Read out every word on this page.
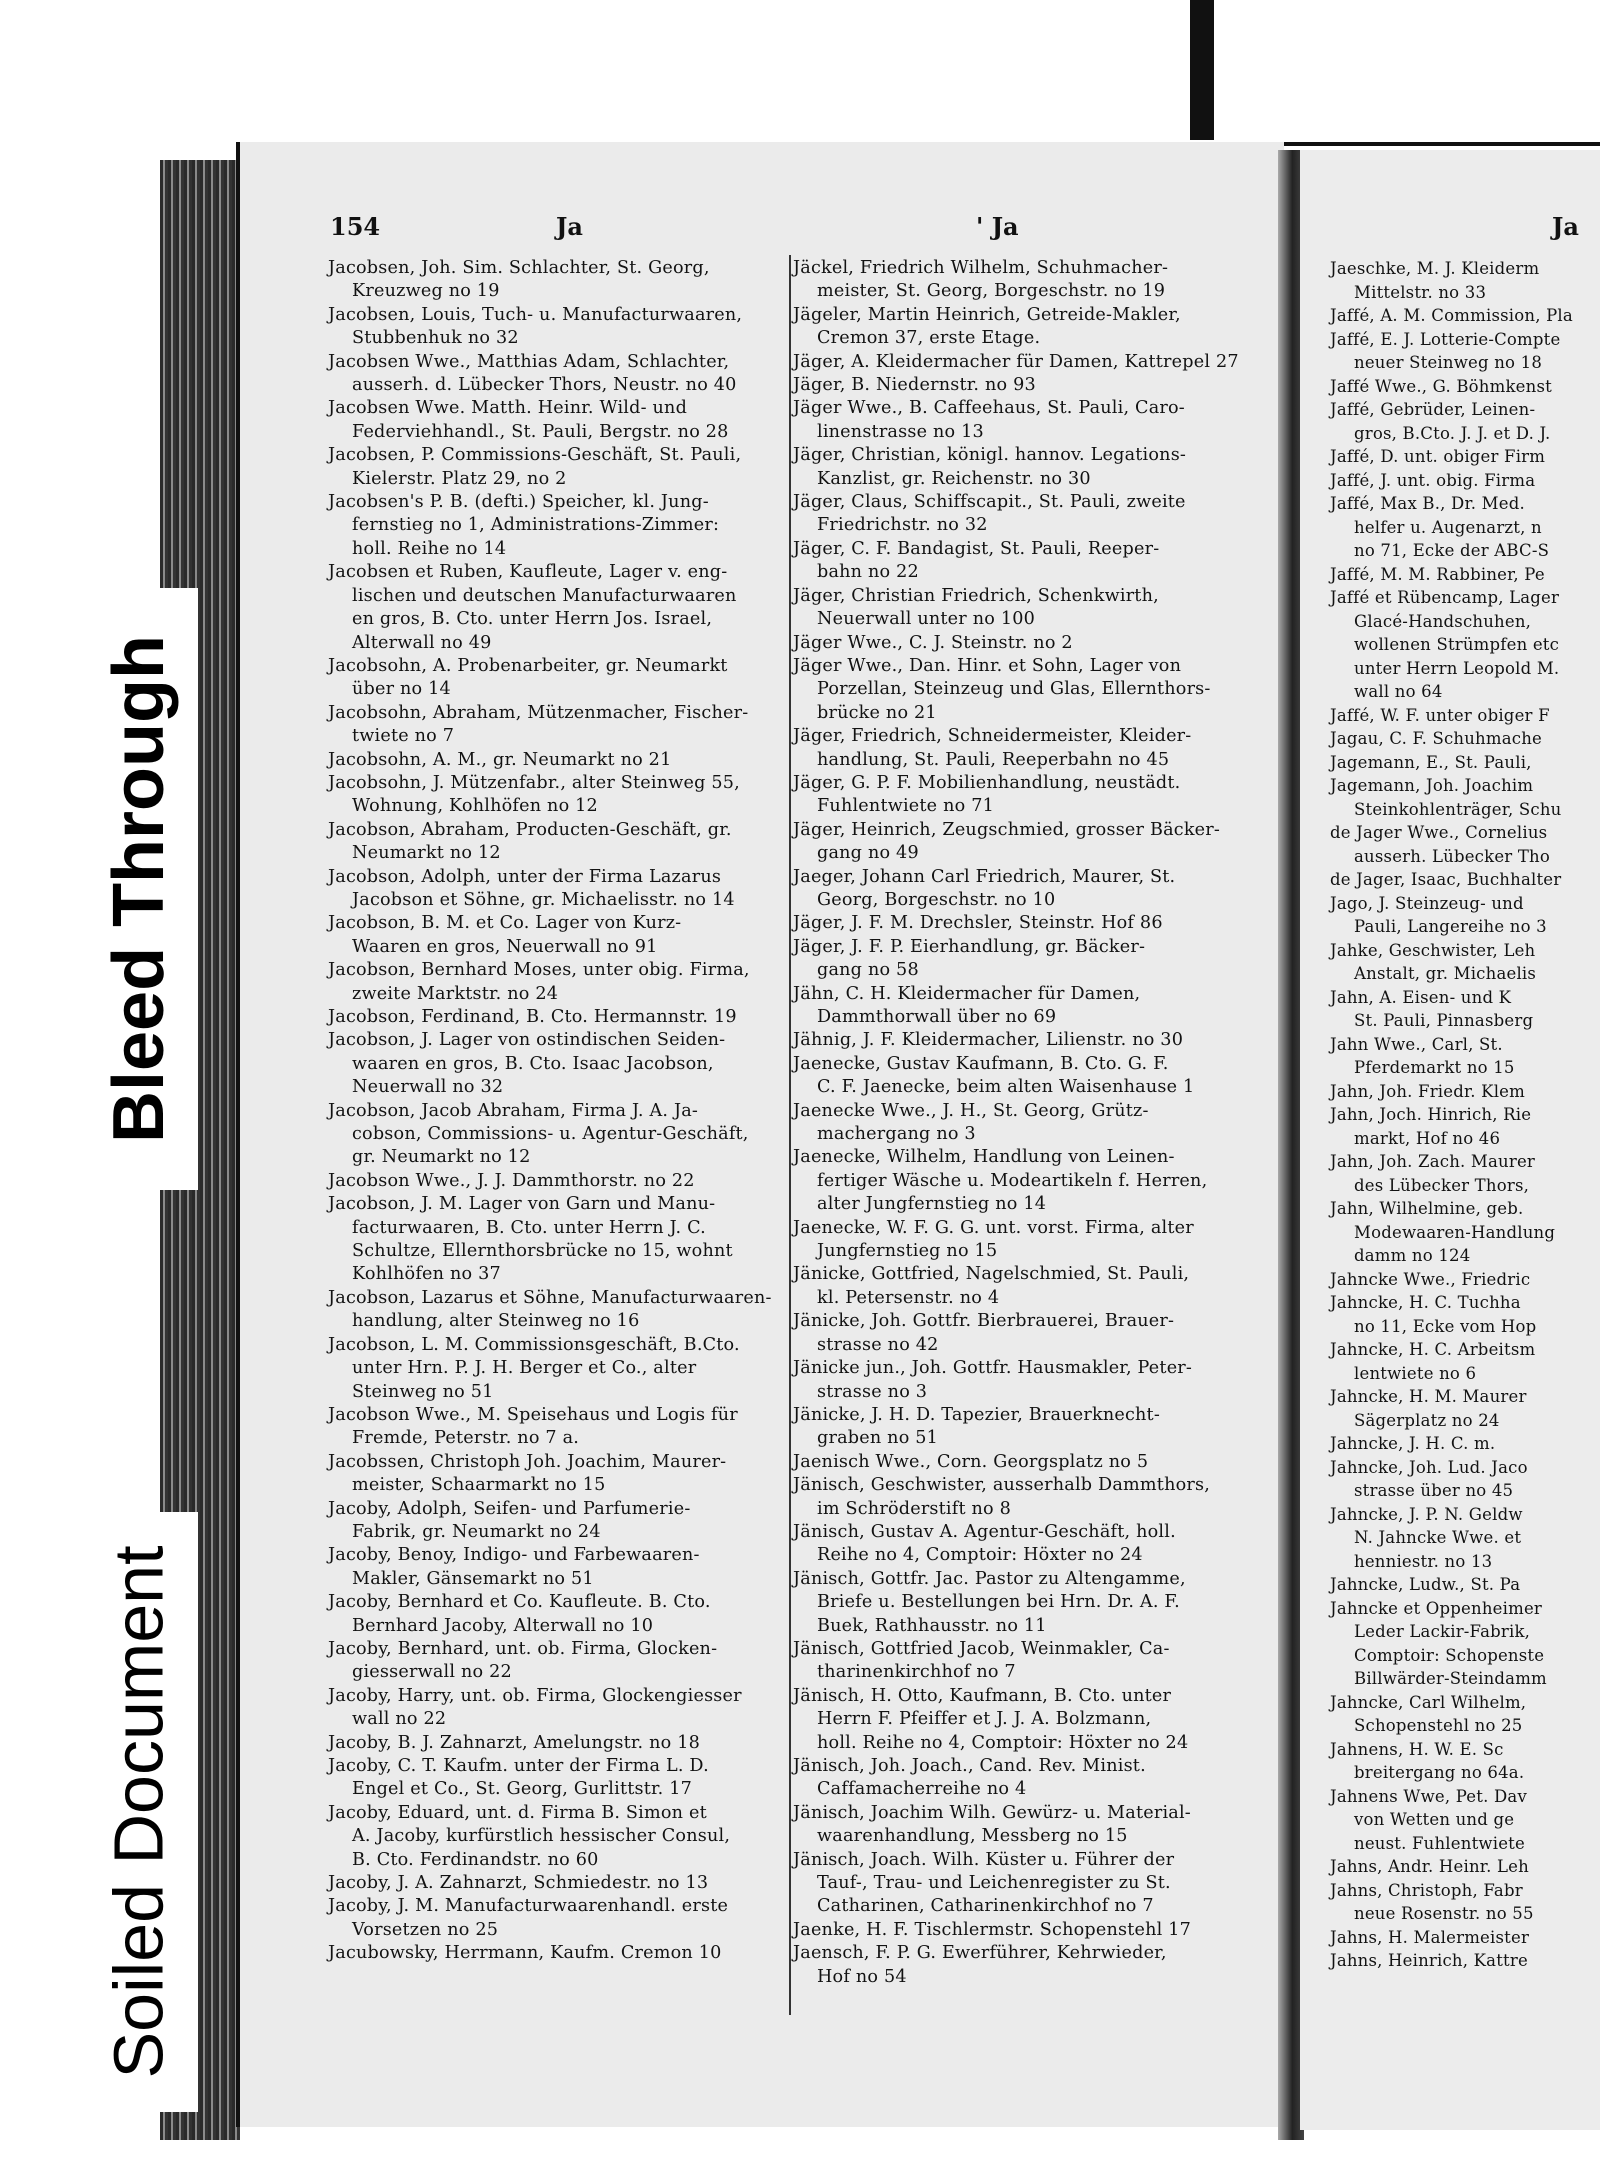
154	Ja	' Ja	Ja
Jacobsen, Joh. Sim. Schlachter, St. Georg,
Kreuzweg no 19
Jacobsen, Louis, Tuch- u. Manufacturwaaren,
Stubbenhuk no 32
Jacobsen Wwe., Matthias Adam, Schlachter,
ausserh. d. Lübecker Thors, Neustr. no 40
Jacobsen Wwe. Matth. Heinr. Wild- und
Federviehhandl., St. Pauli, Bergstr. no 28
Jacobsen, P. Commissions-Geschäft, St. Pauli,
Kielerstr. Platz 29, no 2
Jacobsen's P. B. (defti.) Speicher, kl. Jung-
fernstieg no 1, Administrations-Zimmer:
holl. Reihe no 14
Jacobsen et Ruben, Kaufleute, Lager v. eng-
lischen und deutschen Manufacturwaaren
en gros, B. Cto. unter Herrn Jos. Israel,
Alterwall no 49
Jacobsohn, A. Probenarbeiter, gr. Neumarkt
über no 14
Jacobsohn, Abraham, Mützenmacher, Fischer-
twiete no 7
Jacobsohn, A. M., gr. Neumarkt no 21
Jacobsohn, J. Mützenfabr., alter Steinweg 55,
Wohnung, Kohlhöfen no 12
Jacobson, Abraham, Producten-Geschäft, gr.
Neumarkt no 12
Jacobson, Adolph, unter der Firma Lazarus
Jacobson et Söhne, gr. Michaelisstr. no 14
Jacobson, B. M. et Co. Lager von Kurz-
Waaren en gros, Neuerwall no 91
Jacobson, Bernhard Moses, unter obig. Firma,
zweite Marktstr. no 24
Jacobson, Ferdinand, B. Cto. Hermannstr. 19
Jacobson, J. Lager von ostindischen Seiden-
waaren en gros, B. Cto. Isaac Jacobson,
Neuerwall no 32
Jacobson, Jacob Abraham, Firma J. A. Ja-
cobson, Commissions- u. Agentur-Geschäft,
gr. Neumarkt no 12
Jacobson Wwe., J. J. Dammthorstr. no 22
Jacobson, J. M. Lager von Garn und Manu-
facturwaaren, B. Cto. unter Herrn J. C.
Schultze, Ellernthorsbrücke no 15, wohnt
Kohlhöfen no 37
Jacobson, Lazarus et Söhne, Manufacturwaaren-
handlung, alter Steinweg no 16
Jacobson, L. M. Commissionsgeschäft, B.Cto.
unter Hrn. P. J. H. Berger et Co., alter
Steinweg no 51
Jacobson Wwe., M. Speisehaus und Logis für
Fremde, Peterstr. no 7 a.
Jacobssen, Christoph Joh. Joachim, Maurer-
meister, Schaarmarkt no 15
Jacoby, Adolph, Seifen- und Parfumerie-
Fabrik, gr. Neumarkt no 24
Jacoby, Benoy, Indigo- und Farbewaaren-
Makler, Gänsemarkt no 51
Jacoby, Bernhard et Co. Kaufleute. B. Cto.
Bernhard Jacoby, Alterwall no 10
Jacoby, Bernhard, unt. ob. Firma, Glocken-
giesserwall no 22
Jacoby, Harry, unt. ob. Firma, Glockengiesser
wall no 22
Jacoby, B. J. Zahnarzt, Amelungstr. no 18
Jacoby, C. T. Kaufm. unter der Firma L. D.
Engel et Co., St. Georg, Gurlittstr. 17
Jacoby, Eduard, unt. d. Firma B. Simon et
A. Jacoby, kurfürstlich hessischer Consul,
B. Cto. Ferdinandstr. no 60
Jacoby, J. A. Zahnarzt, Schmiedestr. no 13
Jacoby, J. M. Manufacturwaarenhandl. erste
Vorsetzen no 25
Jacubowsky, Herrmann, Kaufm. Cremon 10
Jäckel, Friedrich Wilhelm, Schuhmacher-
meister, St. Georg, Borgeschstr. no 19
Jägeler, Martin Heinrich, Getreide-Makler,
Cremon 37, erste Etage.
Jäger, A. Kleidermacher für Damen, Kattrepel 27
Jäger, B. Niedernstr. no 93
Jäger Wwe., B. Caffeehaus, St. Pauli, Caro-
linenstrasse no 13
Jäger, Christian, königl. hannov. Legations-
Kanzlist, gr. Reichenstr. no 30
Jäger, Claus, Schiffscapit., St. Pauli, zweite
Friedrichstr. no 32
Jäger, C. F. Bandagist, St. Pauli, Reeper-
bahn no 22
Jäger, Christian Friedrich, Schenkwirth,
Neuerwall unter no 100
Jäger Wwe., C. J. Steinstr. no 2
Jäger Wwe., Dan. Hinr. et Sohn, Lager von
Porzellan, Steinzeug und Glas, Ellernthors-
brücke no 21
Jäger, Friedrich, Schneidermeister, Kleider-
handlung, St. Pauli, Reeperbahn no 45
Jäger, G. P. F. Mobilienhandlung, neustädt.
Fuhlentwiete no 71
Jäger, Heinrich, Zeugschmied, grosser Bäcker-
gang no 49
Jaeger, Johann Carl Friedrich, Maurer, St.
Georg, Borgeschstr. no 10
Jäger, J. F. M. Drechsler, Steinstr. Hof 86
Jäger, J. F. P. Eierhandlung, gr. Bäcker-
gang no 58
Jähn, C. H. Kleidermacher für Damen,
Dammthorwall über no 69
Jähnig, J. F. Kleidermacher, Lilienstr. no 30
Jaenecke, Gustav Kaufmann, B. Cto. G. F.
C. F. Jaenecke, beim alten Waisenhause 1
Jaenecke Wwe., J. H., St. Georg, Grütz-
machergang no 3
Jaenecke, Wilhelm, Handlung von Leinen-
fertiger Wäsche u. Modeartikeln f. Herren,
alter Jungfernstieg no 14
Jaenecke, W. F. G. G. unt. vorst. Firma, alter
Jungfernstieg no 15
Jänicke, Gottfried, Nagelschmied, St. Pauli,
kl. Petersenstr. no 4
Jänicke, Joh. Gottfr. Bierbrauerei, Brauer-
strasse no 42
Jänicke jun., Joh. Gottfr. Hausmakler, Peter-
strasse no 3
Jänicke, J. H. D. Tapezier, Brauerknecht-
graben no 51
Jaenisch Wwe., Corn. Georgsplatz no 5
Jänisch, Geschwister, ausserhalb Dammthors,
im Schröderstift no 8
Jänisch, Gustav A. Agentur-Geschäft, holl.
Reihe no 4, Comptoir: Höxter no 24
Jänisch, Gottfr. Jac. Pastor zu Altengamme,
Briefe u. Bestellungen bei Hrn. Dr. A. F.
Buek, Rathhausstr. no 11
Jänisch, Gottfried Jacob, Weinmakler, Ca-
tharinenkirchhof no 7
Jänisch, H. Otto, Kaufmann, B. Cto. unter
Herrn F. Pfeiffer et J. J. A. Bolzmann,
holl. Reihe no 4, Comptoir: Höxter no 24
Jänisch, Joh. Joach., Cand. Rev. Minist.
Caffamacherreihe no 4
Jänisch, Joachim Wilh. Gewürz- u. Material-
waarenhandlung, Messberg no 15
Jänisch, Joach. Wilh. Küster u. Führer der
Tauf-, Trau- und Leichenregister zu St.
Catharinen, Catharinenkirchhof no 7
Jaenke, H. F. Tischlermstr. Schopenstehl 17
Jaensch, F. P. G. Ewerführer, Kehrwieder,
Hof no 54
Jaeschke, M. J. Kleiderm
Mittelstr. no 33
Jaffé, A. M. Commission, Pla
Jaffé, E. J. Lotterie-Compte
neuer Steinweg no 18
Jaffé Wwe., G. Böhmkenst
Jaffé, Gebrüder, Leinen-
gros, B.Cto. J. J. et D. J.
Jaffé, D. unt. obiger Firm
Jaffé, J. unt. obig. Firma
Jaffé, Max B., Dr. Med.
helfer u. Augenarzt, n
no 71, Ecke der ABC-S
Jaffé, M. M. Rabbiner, Pe
Jaffé et Rübencamp, Lager
Glacé-Handschuhen,
wollenen Strümpfen etc
unter Herrn Leopold M.
wall no 64
Jaffé, W. F. unter obiger F
Jagau, C. F. Schuhmache
Jagemann, E., St. Pauli,
Jagemann, Joh. Joachim
Steinkohlenträger, Schu
de Jager Wwe., Cornelius
ausserh. Lübecker Tho
de Jager, Isaac, Buchhalter
Jago, J. Steinzeug- und
Pauli, Langereihe no 3
Jahke, Geschwister, Leh
Anstalt, gr. Michaelis
Jahn, A. Eisen- und K
St. Pauli, Pinnasberg
Jahn Wwe., Carl, St.
Pferdemarkt no 15
Jahn, Joh. Friedr. Klem
Jahn, Joch. Hinrich, Rie
markt, Hof no 46
Jahn, Joh. Zach. Maurer
des Lübecker Thors,
Jahn, Wilhelmine, geb.
Modewaaren-Handlung
damm no 124
Jahncke Wwe., Friedric
Jahncke, H. C. Tuchha
no 11, Ecke vom Hop
Jahncke, H. C. Arbeitsm
lentwiete no 6
Jahncke, H. M. Maurer
Sägerplatz no 24
Jahncke, J. H. C. m.
Jahncke, Joh. Lud. Jaco
strasse über no 45
Jahncke, J. P. N. Geldw
N. Jahncke Wwe. et
henniestr. no 13
Jahncke, Ludw., St. Pa
Jahncke et Oppenheimer
Leder Lackir-Fabrik,
Comptoir: Schopenste
Billwärder-Steindamm
Jahncke, Carl Wilhelm,
Schopenstehl no 25
Jahnens, H. W. E. Sc
breitergang no 64a.
Jahnens Wwe, Pet. Dav
von Wetten und ge
neust. Fuhlentwiete
Jahns, Andr. Heinr. Leh
Jahns, Christoph, Fabr
neue Rosenstr. no 55
Jahns, H. Malermeister
Jahns, Heinrich, Kattre
Bleed Through
Soiled Document
